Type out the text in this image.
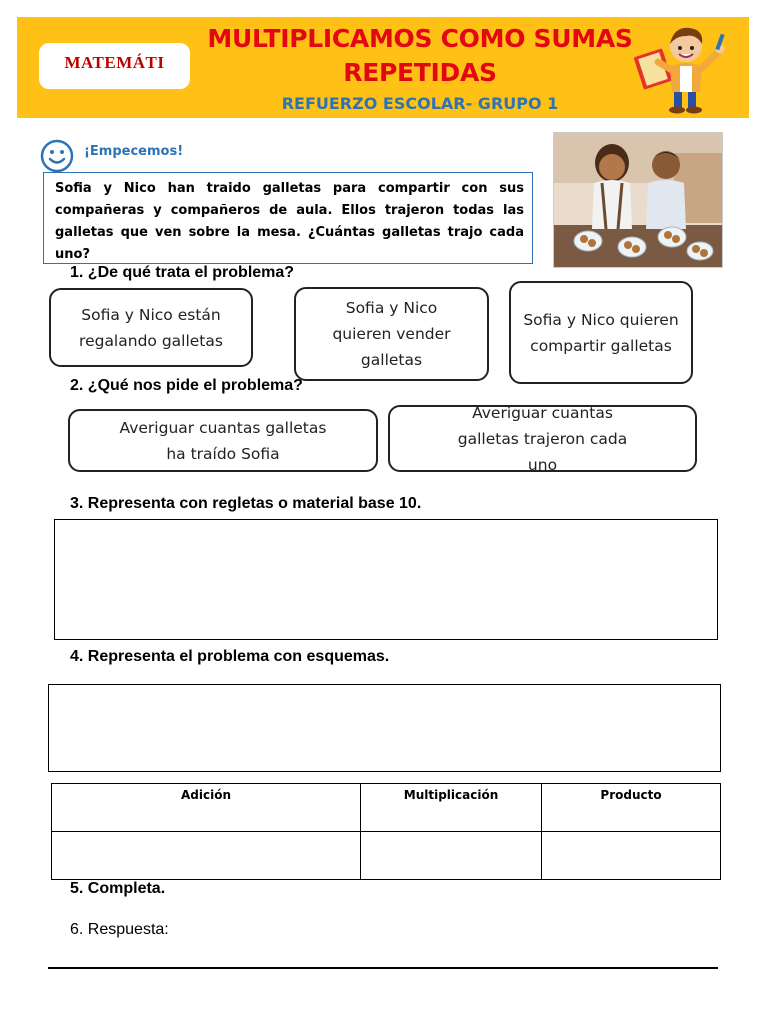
MATEMÁTI
MULTIPLICAMOS COMO SUMAS
REPETIDAS
REFUERZO ESCOLAR- GRUPO 1
¡Empecemos!
Sofia y Nico han traido galletas para compartir con sus compañeras y compañeros de aula. Ellos trajeron todas las galletas que ven sobre la mesa. ¿Cuántas galletas trajo cada uno?
1. ¿De qué trata el problema?
Sofia y Nico están regalando galletas
Sofia y Nico quieren vender galletas
Sofia y Nico quieren compartir galletas
2. ¿Qué nos pide el problema?
Averiguar cuantas galletas ha traído Sofia
Averiguar cuantas galletas trajeron cada uno
3. Representa con regletas o material base 10.
4. Representa el problema con esquemas.
Adición	Multiplicación	Producto

5. Completa.
6. Respuesta:
